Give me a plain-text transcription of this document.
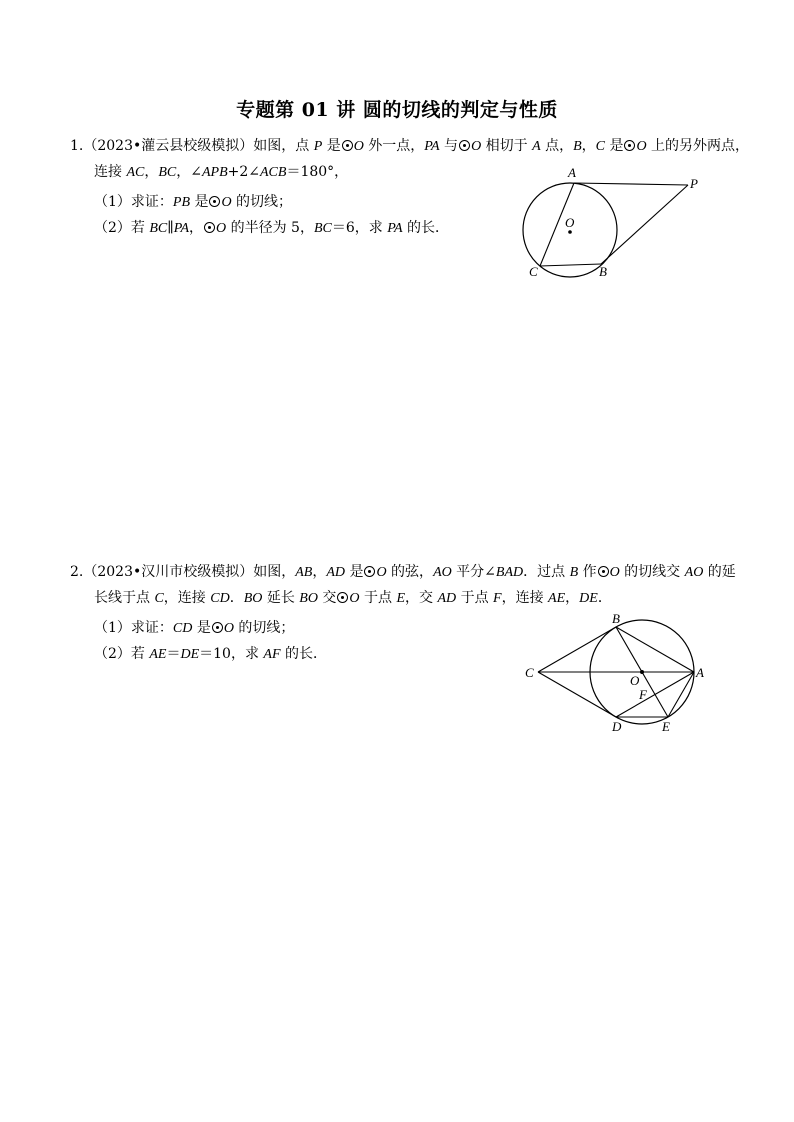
专题第 01 讲 圆的切线的判定与性质
1.（2023•灌云县校级模拟）如图，点 P 是 O 外一点，PA 与 O 相切于 A 点，B，C 是 O 上的另外两点，
连接 AC，BC，∠APB+2∠ACB＝180°，
（1）求证：PB 是 O 的切线；
（2）若 BC∥PA， O 的半径为 5，BC＝6，求 PA 的长．
A
P
O
C	B
2.（2023•汉川市校级模拟）如图，AB，AD 是 O 的弦，AO 平分∠BAD．过点 B 作 O 的切线交 AO 的延
长线于点 C，连接 CD．BO 延长 BO 交 O 于点 E，交 AD 于点 F，连接 AE，DE．
（1）求证：CD 是 O 的切线；
（2）若 AE＝DE＝10，求 AF 的长．
B
C
O
F
A
D	E
